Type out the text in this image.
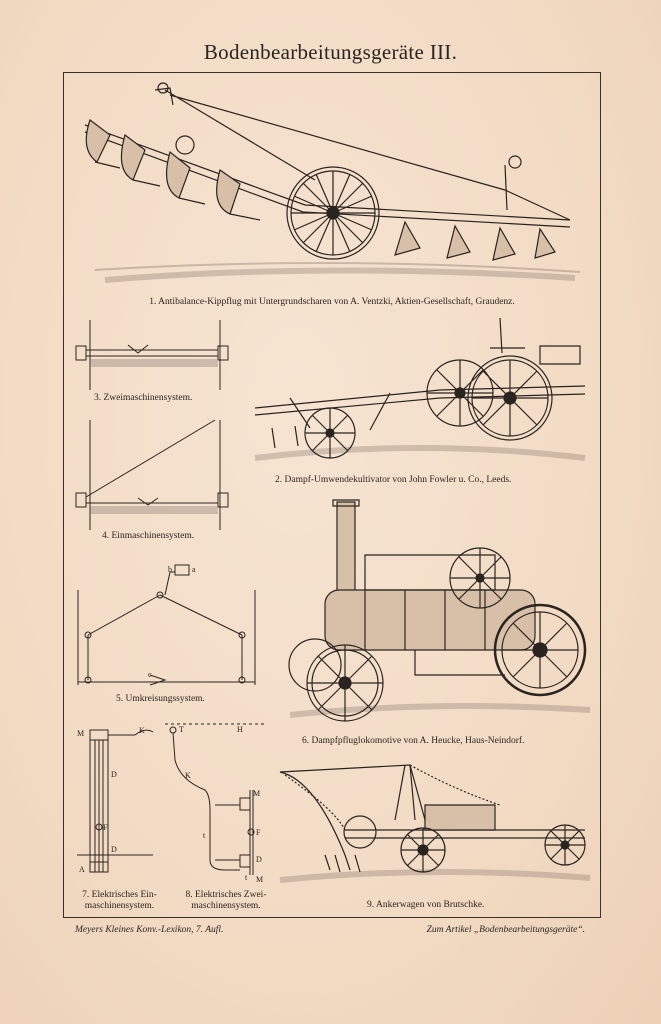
Bodenbearbeitungsgeräte III.
1. Antibalance-Kippflug mit Untergrundscharen von A. Ventzki, Aktien-Gesellschaft, Graudenz.
3. Zweimaschinensystem.
2. Dampf-Umwendekultivator von John Fowler u. Co., Leeds.
4. Einmaschinensystem.
b	a
c
5. Umkreisungssystem.
6. Dampfpfluglokomotive von A. Heucke, Haus-Neindorf.
M	K
D
F
D
A
7. Elektrisches Ein-maschinensystem.
T	H
K
M
t	F
D
t M
8. Elektrisches Zwei-maschinensystem.	9. Ankerwagen von Brutschke.
Meyers Kleines Konv.-Lexikon, 7. Aufl.	Zum Artikel „Bodenbearbeitungsgeräte“.
